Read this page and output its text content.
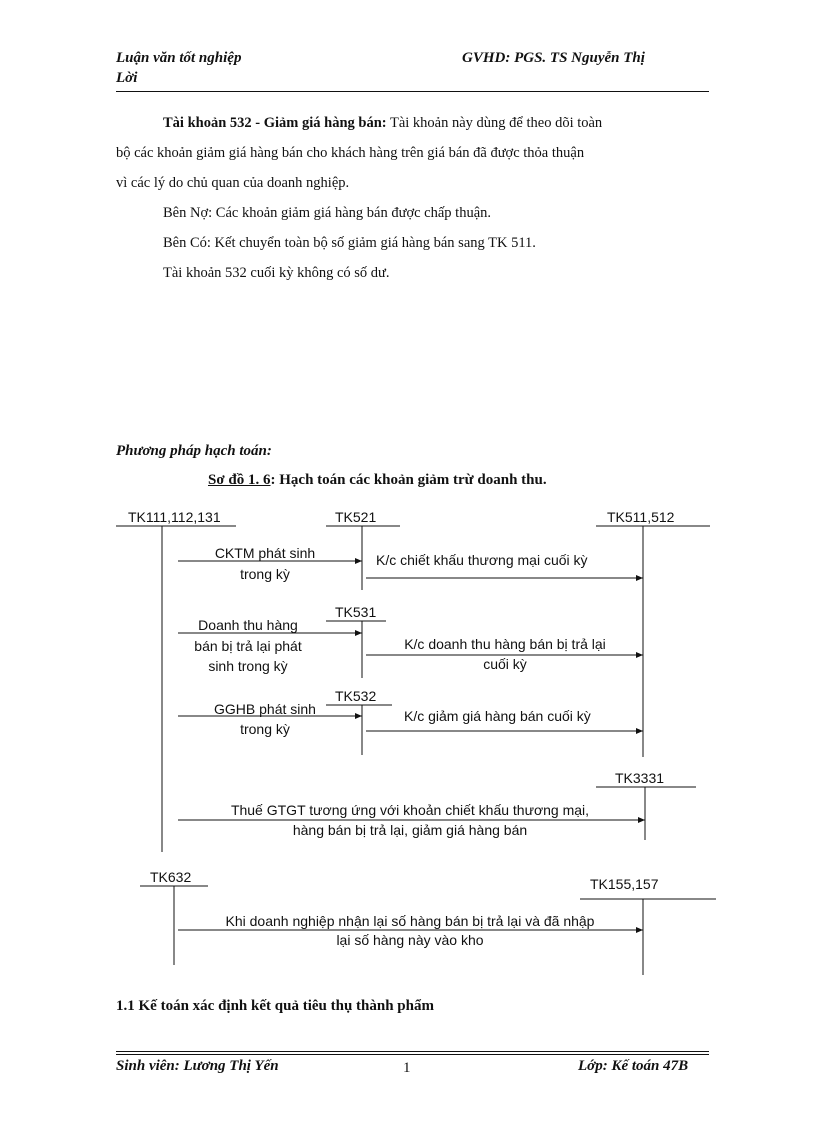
Luận văn tốt nghiệp
Lời
GVHD: PGS. TS Nguyễn Thị
Tài khoản 532 - Giảm giá hàng bán: Tài khoản này dùng để theo dõi toàn
bộ các khoản giảm giá hàng bán cho khách hàng trên giá bán đã được thỏa thuận
vì các lý do chủ quan của doanh nghiệp.
Bên Nợ: Các khoản giảm giá hàng bán được chấp thuận.
Bên Có: Kết chuyển toàn bộ số giảm giá hàng bán sang TK 511.
Tài khoản 532 cuối kỳ không có số dư.
Phương pháp hạch toán:
Sơ đồ 1. 6: Hạch toán các khoản giảm trừ doanh thu.
TK111,112,131	TK521	TK511,512
TK531
TK532
TK3331
TK632	TK155,157
CKTM phát sinh
trong kỳ
K/c chiết khấu thương mại cuối kỳ
Doanh thu hàng
bán bị trả lại phát
sinh trong kỳ
K/c doanh thu hàng bán bị trả lại
cuối kỳ
GGHB phát sinh
trong kỳ
K/c giảm giá hàng bán cuối kỳ
Thuế GTGT tương ứng với khoản chiết khấu thương mại,
hàng bán bị trả lại, giảm giá hàng bán
Khi doanh nghiệp nhận lại số hàng bán bị trả lại và đã nhập
lại số hàng này vào kho
1.1 Kế toán xác định kết quả tiêu thụ thành phẩm
Sinh viên: Lương Thị Yến	1	Lớp: Kế toán 47B
